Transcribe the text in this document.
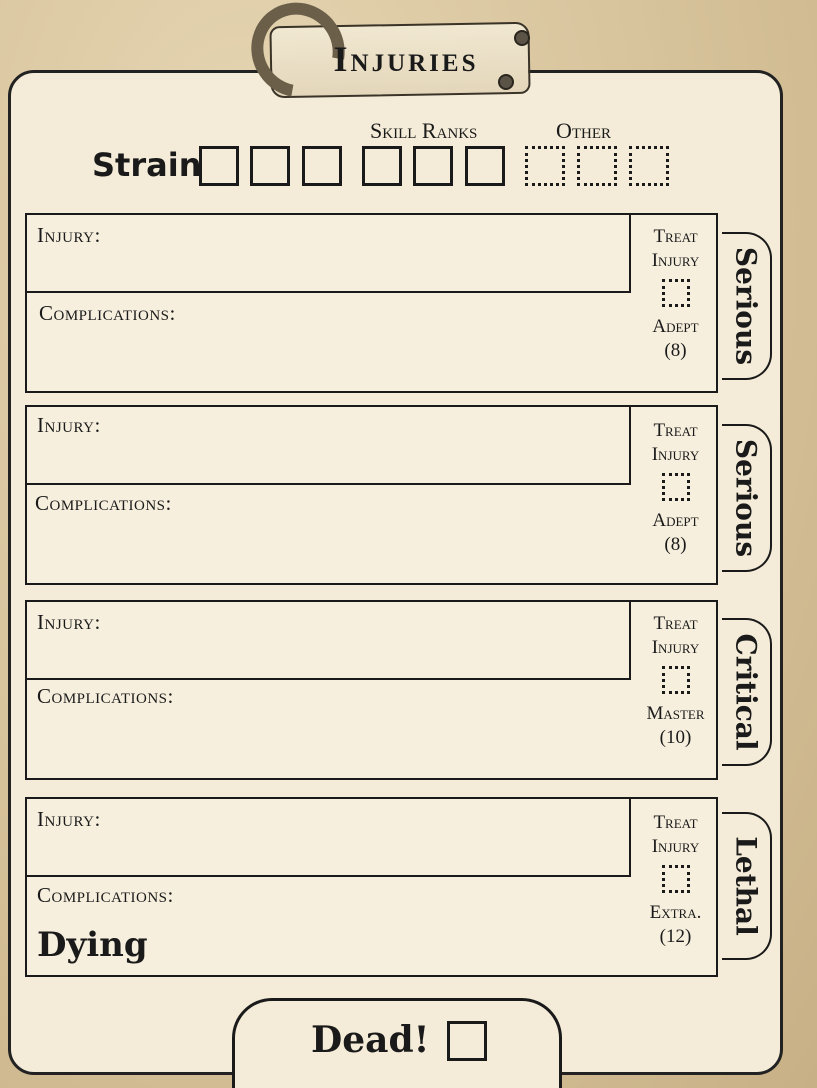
Injuries
Strain
Skill Ranks	Other
Injury:
Complications:
Treat
Injury
Adept
(8)	Serious
Injury:
Complications:
Treat
Injury
Adept
(8)	Serious
Injury:
Complications:
Treat
Injury
Master
(10)	Critical
Injury:
Complications:
Dying
Treat
Injury
Extra.
(12)
Lethal
Dead!
